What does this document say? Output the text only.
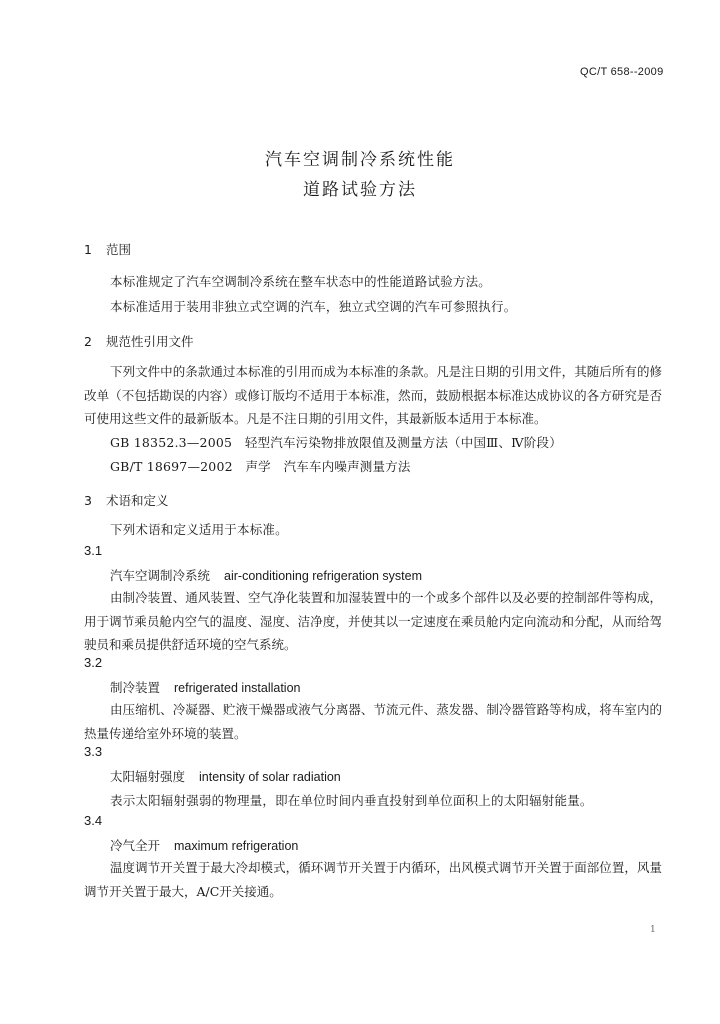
QC/T 658--2009
汽车空调制冷系统性能
道路试验方法
1 范围
本标准规定了汽车空调制冷系统在整车状态中的性能道路试验方法。
本标准适用于装用非独立式空调的汽车，独立式空调的汽车可参照执行。
2 规范性引用文件
下列文件中的条款通过本标准的引用而成为本标准的条款。凡是注日期的引用文件，其随后所有的修改单（不包括勘误的内容）或修订版均不适用于本标准，然而，鼓励根据本标准达成协议的各方研究是否可使用这些文件的最新版本。凡是不注日期的引用文件，其最新版本适用于本标准。
GB 18352.3—2005　轻型汽车污染物排放限值及测量方法（中国Ⅲ、Ⅳ阶段）
GB/T 18697—2002　声学　汽车车内噪声测量方法
3 术语和定义
下列术语和定义适用于本标准。
3.1
汽车空调制冷系统 air-conditioning refrigeration system
由制冷装置、通风装置、空气净化装置和加湿装置中的一个或多个部件以及必要的控制部件等构成，用于调节乘员舱内空气的温度、湿度、洁净度，并使其以一定速度在乘员舱内定向流动和分配，从而给驾驶员和乘员提供舒适环境的空气系统。
3.2
制冷装置 refrigerated installation
由压缩机、冷凝器、贮液干燥器或液气分离器、节流元件、蒸发器、制冷器管路等构成，将车室内的热量传递给室外环境的装置。
3.3
太阳辐射强度 intensity of solar radiation
表示太阳辐射强弱的物理量，即在单位时间内垂直投射到单位面积上的太阳辐射能量。
3.4
冷气全开 maximum refrigeration
温度调节开关置于最大冷却模式，循环调节开关置于内循环，出风模式调节开关置于面部位置，风量调节开关置于最大，A/C开关接通。
1
